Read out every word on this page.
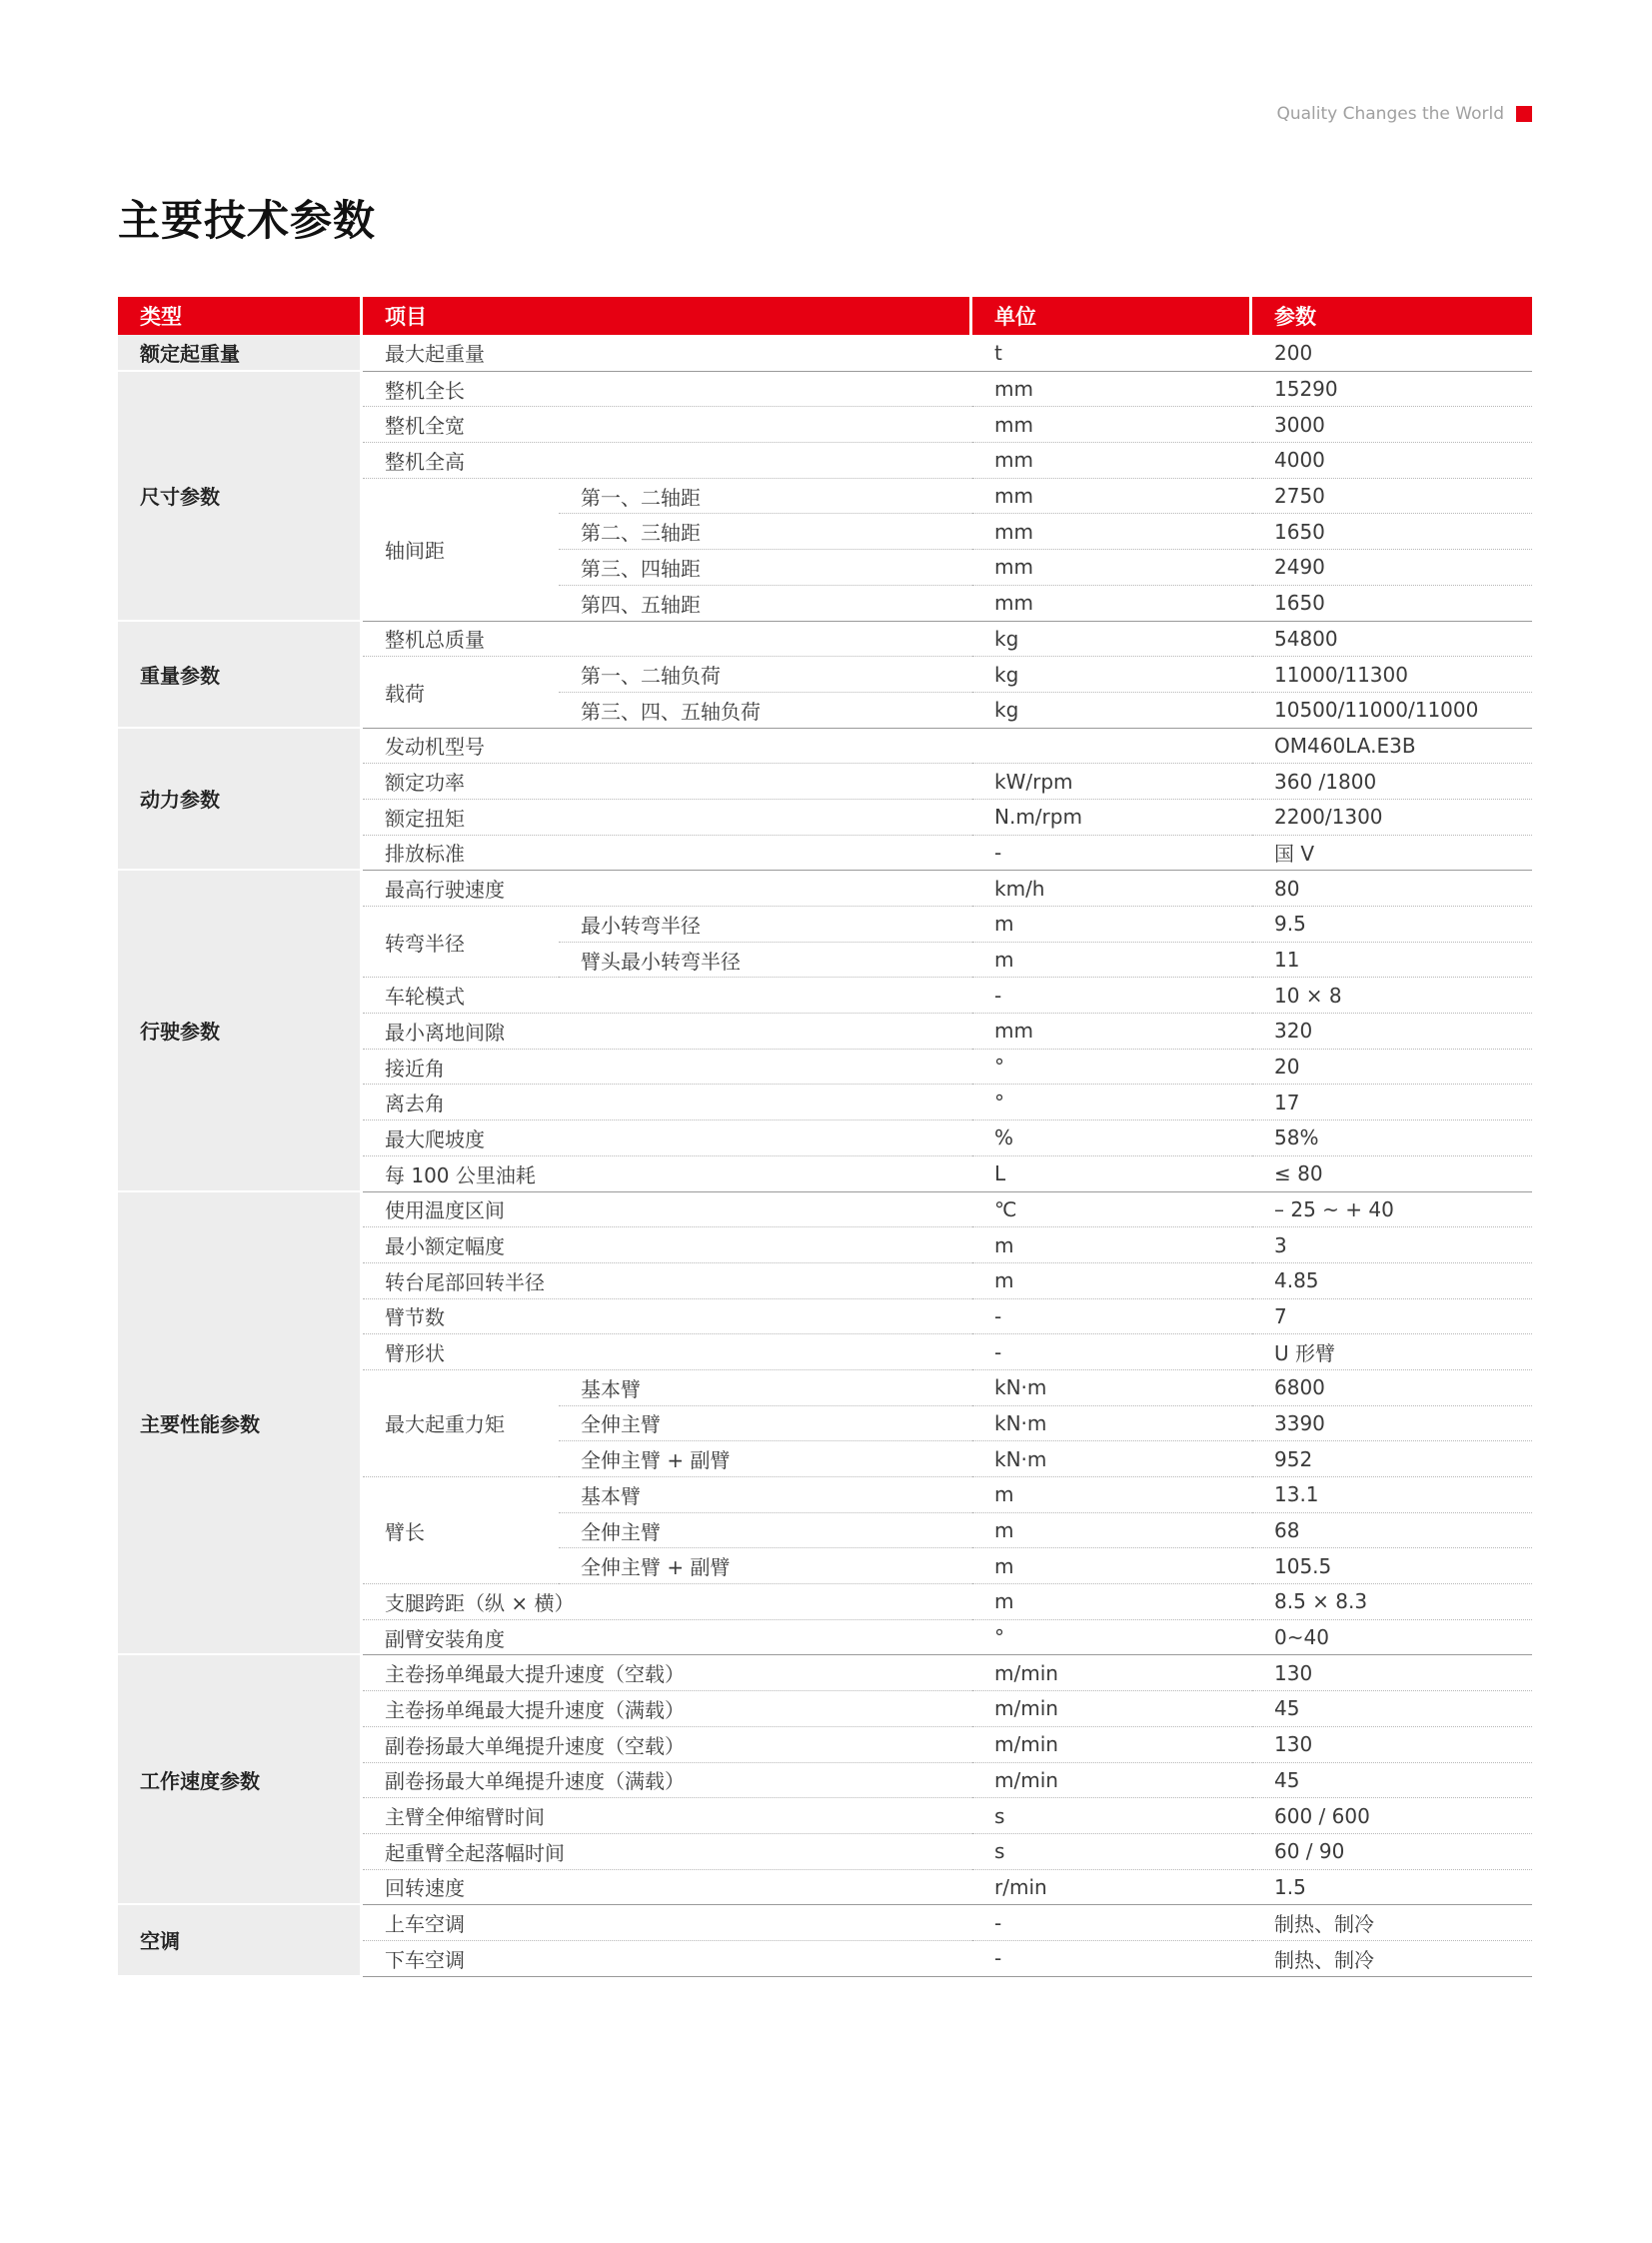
Quality Changes the World
主要技术参数
类型	项目		单位	参数
额定起重量	最大起重量		t	200
尺寸参数	整机全长		mm	15290
	整机全宽		mm	3000
	整机全高		mm	4000
	轴间距	第一、二轴距	mm	2750
		第二、三轴距	mm	1650
		第三、四轴距	mm	2490
		第四、五轴距	mm	1650
重量参数	整机总质量		kg	54800
	载荷	第一、二轴负荷	kg	11000/11300
		第三、四、五轴负荷	kg	10500/11000/11000
动力参数	发动机型号			OM460LA.E3B
	额定功率		kW/rpm	360 /1800
	额定扭矩		N.m/rpm	2200/1300
	排放标准		-	国 V
行驶参数	最高行驶速度		km/h	80
	转弯半径	最小转弯半径	m	9.5
		臂头最小转弯半径	m	11
	车轮模式		-	10 × 8
	最小离地间隙		mm	320
	接近角		°	20
	离去角		°	17
	最大爬坡度		%	58%
	每 100 公里油耗		L	≤ 80
主要性能参数	使用温度区间		℃	– 25 ~ + 40
	最小额定幅度		m	3
	转台尾部回转半径		m	4.85
	臂节数		-	7
	臂形状		-	U 形臂
	最大起重力矩	基本臂	kN·m	6800
		全伸主臂	kN·m	3390
		全伸主臂 + 副臂	kN·m	952
	臂长	基本臂	m	13.1
		全伸主臂	m	68
		全伸主臂 + 副臂	m	105.5
	支腿跨距（纵 × 横）		m	8.5 × 8.3
	副臂安装角度		°	0~40
工作速度参数	主卷扬单绳最大提升速度（空载）		m/min	130
	主卷扬单绳最大提升速度（满载）		m/min	45
	副卷扬最大单绳提升速度（空载）		m/min	130
	副卷扬最大单绳提升速度（满载）		m/min	45
	主臂全伸缩臂时间		s	600 / 600
	起重臂全起落幅时间		s	60 / 90
	回转速度		r/min	1.5
空调	上车空调		-	制热、制冷
	下车空调		-	制热、制冷
